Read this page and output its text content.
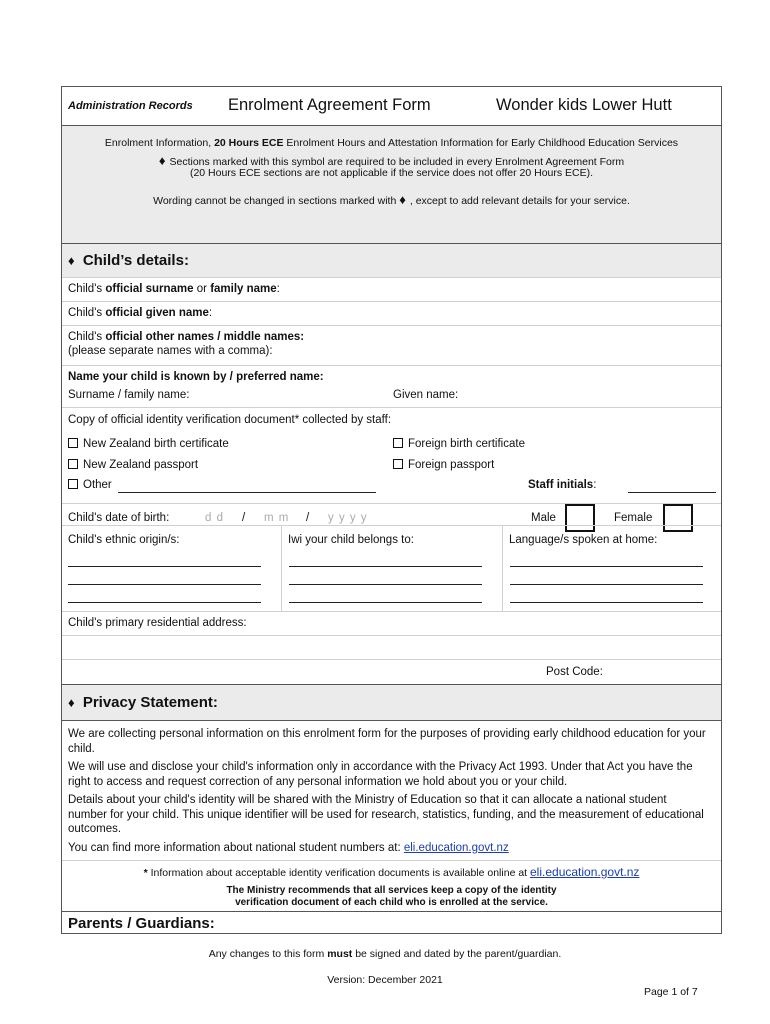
Administration Records Enrolment Agreement Form	Wonder kids Lower Hutt
Enrolment Information, 20 Hours ECE Enrolment Hours and Attestation Information for Early Childhood Education Services
♦ Sections marked with this symbol are required to be included in every Enrolment Agreement Form
(20 Hours ECE sections are not applicable if the service does not offer 20 Hours ECE).
Wording cannot be changed in sections marked with ♦ , except to add relevant details for your service.
♦ Child’s details:
Child's official surname or family name:
Child's official given name:
Child's official other names / middle names:
(please separate names with a comma):
Name your child is known by / preferred name:
Surname / family name:	Given name:
Copy of official identity verification document* collected by staff:
New Zealand birth certificate	Foreign birth certificate
New Zealand passport	Foreign passport
Other	Staff initials:
Child's date of birth:	d d / m m / y y y y	Male	Female
Child's ethnic origin/s:	Iwi your child belongs to:	Language/s spoken at home:
Child's primary residential address:
Post Code:
♦ Privacy Statement:

We are collecting personal information on this enrolment form for the purposes of providing early childhood education for your child.

We will use and disclose your child's information only in accordance with the Privacy Act 1993. Under that Act you have the right to access and request correction of any personal information we hold about you or your child.

Details about your child's identity will be shared with the Ministry of Education so that it can allocate a national student number for your child. This unique identifier will be used for research, statistics, funding, and the measurement of educational outcomes.

You can find more information about national student numbers at: eli.education.govt.nz

* Information about acceptable identity verification documents is available online at eli.education.govt.nz
The Ministry recommends that all services keep a copy of the identity
verification document of each child who is enrolled at the service.
Parents / Guardians:
Any changes to this form must be signed and dated by the parent/guardian.
Version: December 2021
Page 1 of 7
